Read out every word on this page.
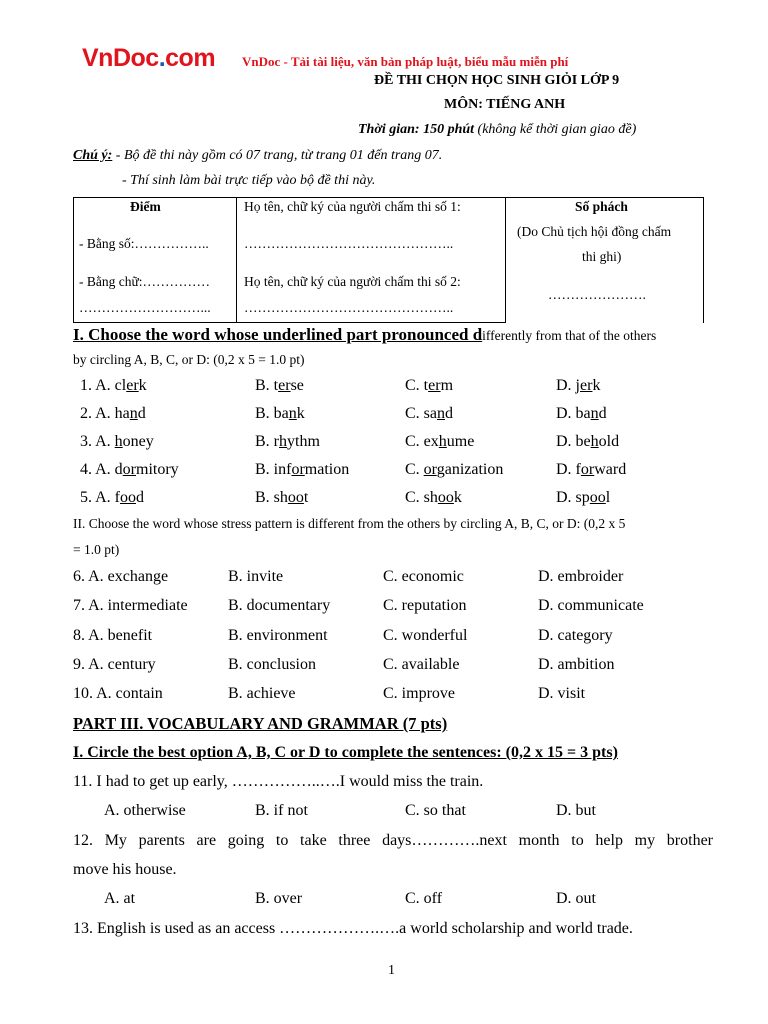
VnDoc.com VnDoc - Tải tài liệu, văn bản pháp luật, biểu mẫu miễn phí
ĐỀ THI CHỌN HỌC SINH GIỎI LỚP 9
MÔN: TIẾNG ANH
Thời gian: 150 phút (không kể thời gian giao đề)
Chú ý: - Bộ đề thi này gồm có 07 trang, từ trang 01 đến trang 07.
- Thí sinh làm bài trực tiếp vào bộ đề thi này.
Điểm
- Bằng số:……………..
- Bằng chữ:……………
………………………...
Họ tên, chữ ký của người chấm thi số 1:
………………………………………..
Họ tên, chữ ký của người chấm thi số 2:
………………………………………..
Số phách
(Do Chủ tịch hội đồng chấm
thi ghi)
………………….
I. Choose the word whose underlined part pronounced differently from that of the others
by circling A, B, C, or D: (0,2 x 5 = 1.0 pt)
1. A. clerk	B. terse	C. term	D. jerk
2. A. hand	B. bank	C. sand	D. band
3. A. honey	B. rhythm	C. exhume	D. behold
4. A. dormitory	B. information	C. organization	D. forward
5. A. food	B. shoot	C. shook	D. spool
II. Choose the word whose stress pattern is different from the others by circling A, B, C, or D: (0,2 x 5
= 1.0 pt)
6. A. exchange	B. invite	C. economic	D. embroider
7. A. intermediate	B. documentary	C. reputation	D. communicate
8. A. benefit	B. environment	C. wonderful	D. category
9. A. century	B. conclusion	C. available	D. ambition
10. A. contain	B. achieve	C. improve	D. visit
PART III. VOCABULARY AND GRAMMAR (7 pts)
I. Circle the best option A, B, C or D to complete the sentences: (0,2 x 15 = 3 pts)
11. I had to get up early, ……………..….I would miss the train.
A. otherwise	B. if not	C. so that	D. but
12. My parents are going to take three days………….next month to help my brother
move his house.
A. at	B. over	C. off	D. out
13. English is used as an access ……………….….a world scholarship and world trade.
1
